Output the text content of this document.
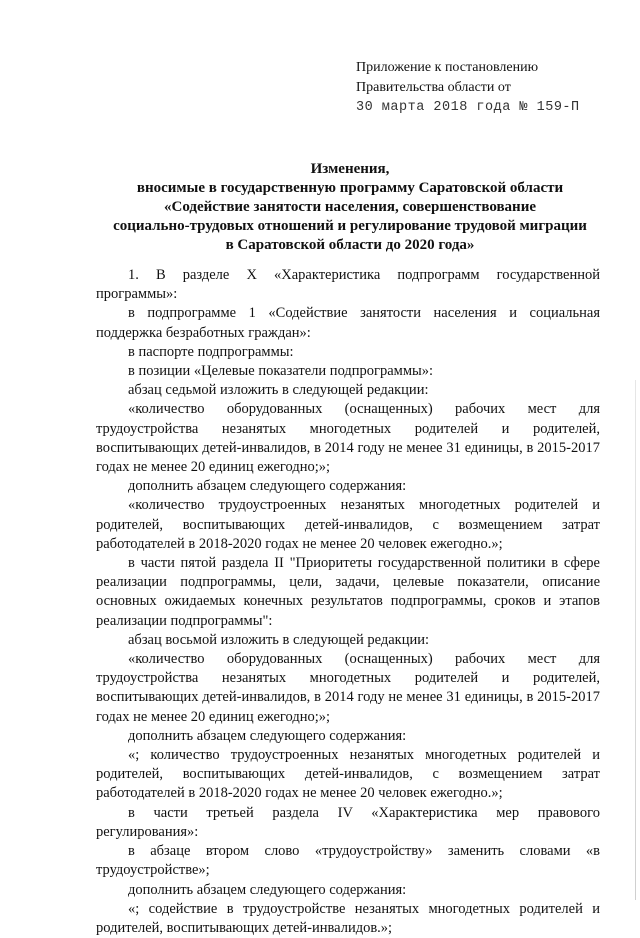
Приложение к постановлению
Правительства области от
30 марта 2018 года № 159-П
Изменения,
вносимые в государственную программу Саратовской области
«Содействие занятости населения, совершенствование
социально-трудовых отношений и регулирование трудовой миграции
в Саратовской области до 2020 года»
1. В разделе X «Характеристика подпрограмм государственной программы»:
в подпрограмме 1 «Содействие занятости населения и социальная поддержка безработных граждан»:
в паспорте подпрограммы:
в позиции «Целевые показатели подпрограммы»:
абзац седьмой изложить в следующей редакции:
«количество оборудованных (оснащенных) рабочих мест для трудоустройства незанятых многодетных родителей и родителей, воспитывающих детей-инвалидов, в 2014 году не менее 31 единицы, в 2015-2017 годах не менее 20 единиц ежегодно;»;
дополнить абзацем следующего содержания:
«количество трудоустроенных незанятых многодетных родителей и родителей, воспитывающих детей-инвалидов, с возмещением затрат работодателей в 2018-2020 годах не менее 20 человек ежегодно.»;
в части пятой раздела II "Приоритеты государственной политики в сфере реализации подпрограммы, цели, задачи, целевые показатели, описание основных ожидаемых конечных результатов подпрограммы, сроков и этапов реализации подпрограммы":
абзац восьмой изложить в следующей редакции:
«количество оборудованных (оснащенных) рабочих мест для трудоустройства незанятых многодетных родителей и родителей, воспитывающих детей-инвалидов, в 2014 году не менее 31 единицы, в 2015-2017 годах не менее 20 единиц ежегодно;»;
дополнить абзацем следующего содержания:
«; количество трудоустроенных незанятых многодетных родителей и родителей, воспитывающих детей-инвалидов, с возмещением затрат работодателей в 2018-2020 годах не менее 20 человек ежегодно.»;
в части третьей раздела IV «Характеристика мер правового регулирования»:
в абзаце втором слово «трудоустройству» заменить словами «в трудоустройстве»;
дополнить абзацем следующего содержания:
«; содействие в трудоустройстве незанятых многодетных родителей и родителей, воспитывающих детей-инвалидов.»;
